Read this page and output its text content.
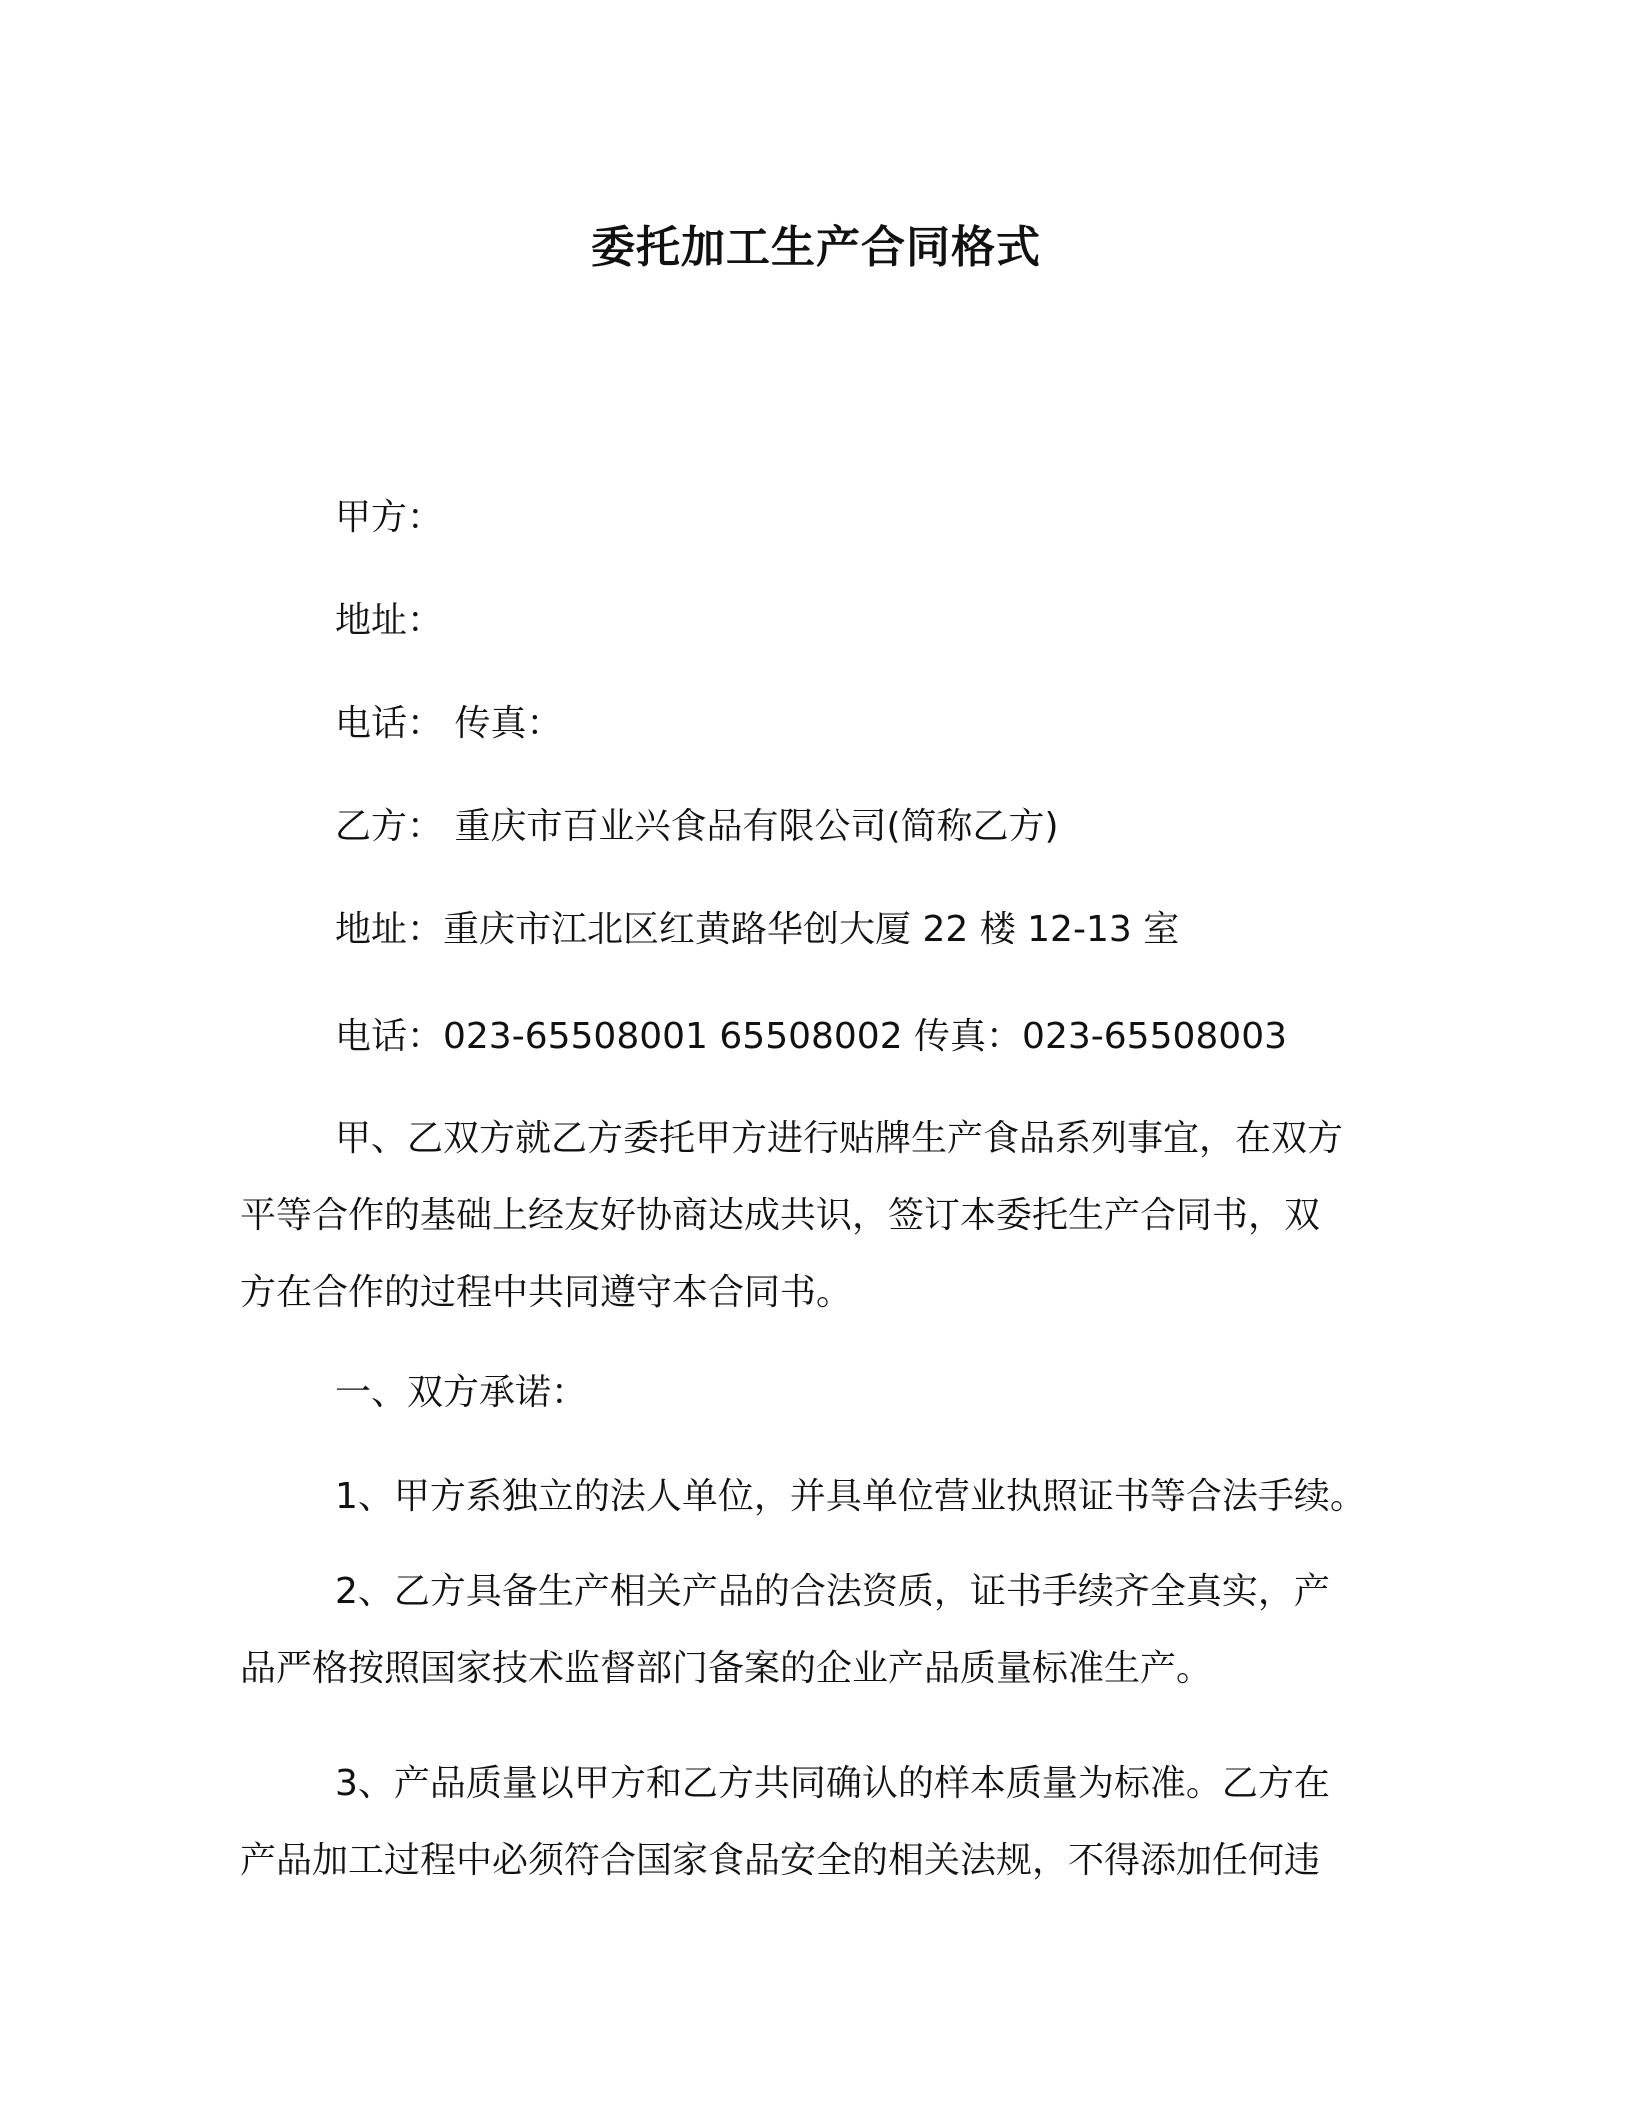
委托加工生产合同格式

甲方：

地址：

电话： 传真：

乙方： 重庆市百业兴食品有限公司(简称乙方)

地址：重庆市江北区红黄路华创大厦 22 楼 12-13 室

电话：023-65508001 65508002 传真：023-65508003

甲、乙双方就乙方委托甲方进行贴牌生产食品系列事宜，在双方
平等合作的基础上经友好协商达成共识，签订本委托生产合同书，双
方在合作的过程中共同遵守本合同书。

一、双方承诺：

1、甲方系独立的法人单位，并具单位营业执照证书等合法手续。

2、乙方具备生产相关产品的合法资质，证书手续齐全真实，产
品严格按照国家技术监督部门备案的企业产品质量标准生产。
3、产品质量以甲方和乙方共同确认的样本质量为标准。乙方在
产品加工过程中必须符合国家食品安全的相关法规，不得添加任何违
